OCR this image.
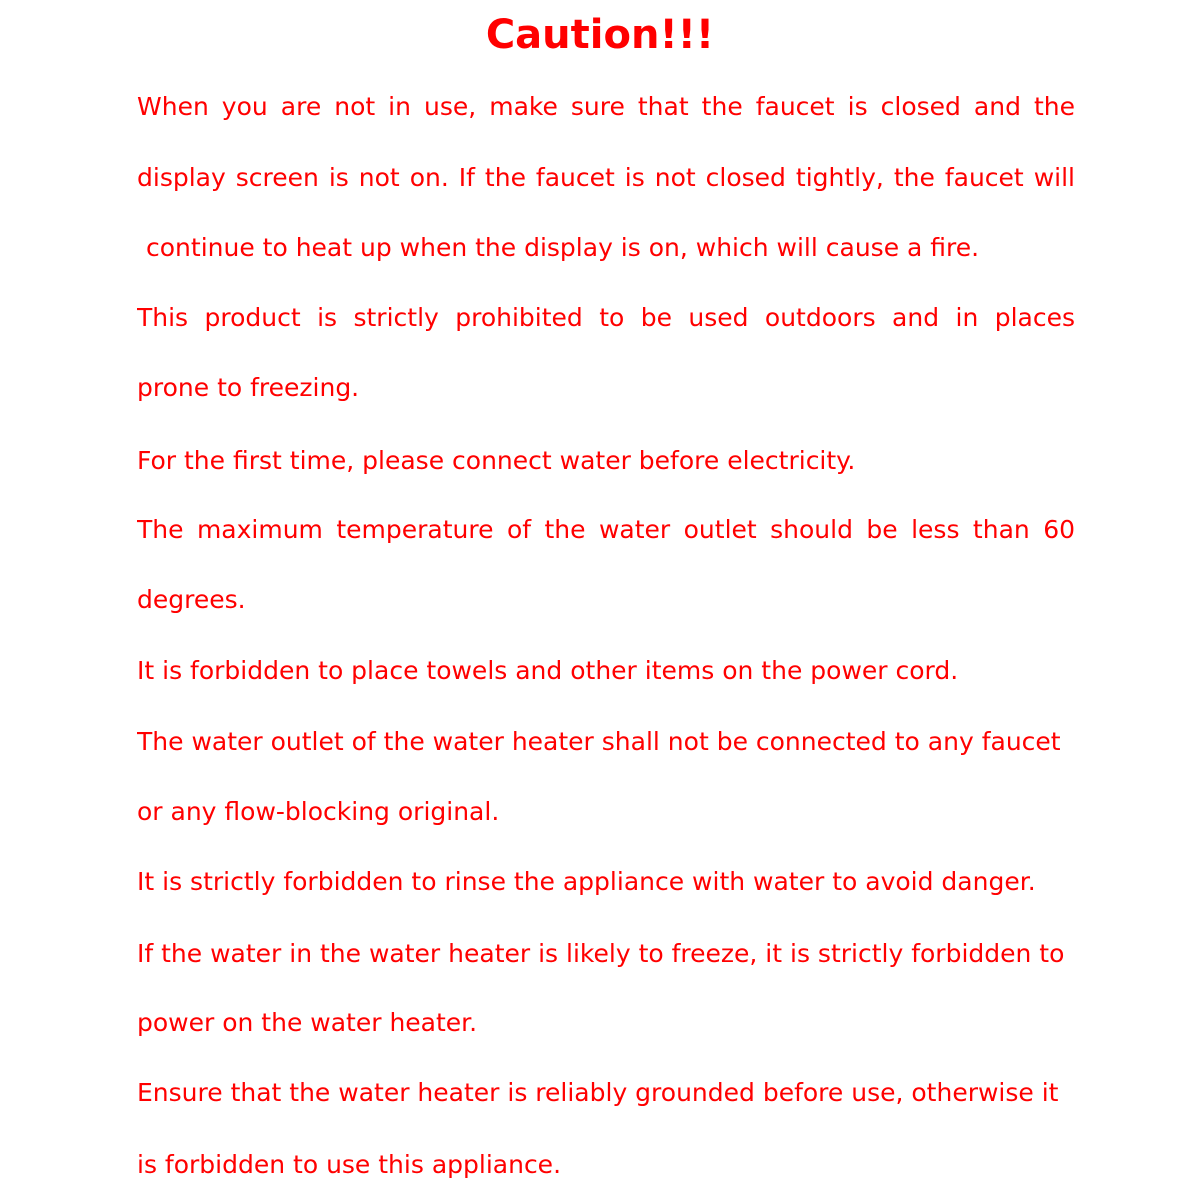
Caution!!!
When you are not in use, make sure that the faucet is closed and the
display screen is not on. If the faucet is not closed tightly, the faucet will
continue to heat up when the display is on, which will cause a fire.
This product is strictly prohibited to be used outdoors and in places
prone to freezing.
For the first time, please connect water before electricity.
The maximum temperature of the water outlet should be less than 60
degrees.
It is forbidden to place towels and other items on the power cord.
The water outlet of the water heater shall not be connected to any faucet
or any flow-blocking original.
It is strictly forbidden to rinse the appliance with water to avoid danger.
If the water in the water heater is likely to freeze, it is strictly forbidden to
power on the water heater.
Ensure that the water heater is reliably grounded before use, otherwise it
is forbidden to use this appliance.
